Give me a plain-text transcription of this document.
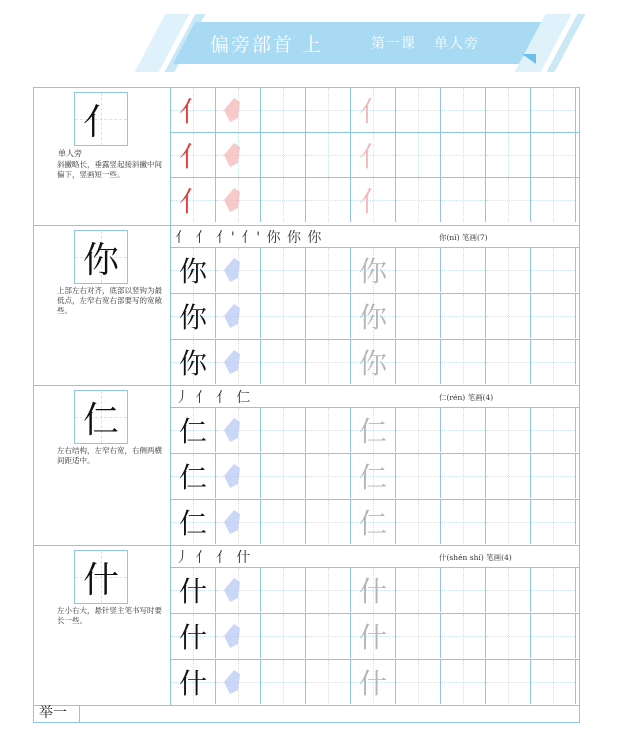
偏旁部首 上	第一课 单人旁
亻
单人旁
斜撇略长，垂露竖起接斜撇中间偏下，竖画短一些。
亻	亻
亻	亻
亻	亻
你
上部左右对齐，底部以竖钩为最低点，左窄右宽右部要写的宽敞些。
亻 亻 亻' 亻' 你 你 你	你(nǐ) 笔画(7)
你	你
你	你
你	你
仁
左右结构，左窄右宽，右侧两横间距适中。
丿 亻 亻 仁	仁(rén) 笔画(4)
仁	仁
仁	仁
仁	仁
什
左小右大，悬针竖主笔书写时要长一些。
丿 亻 亻 什	什(shén shí) 笔画(4)
什	什
什	什
什	什
举一
